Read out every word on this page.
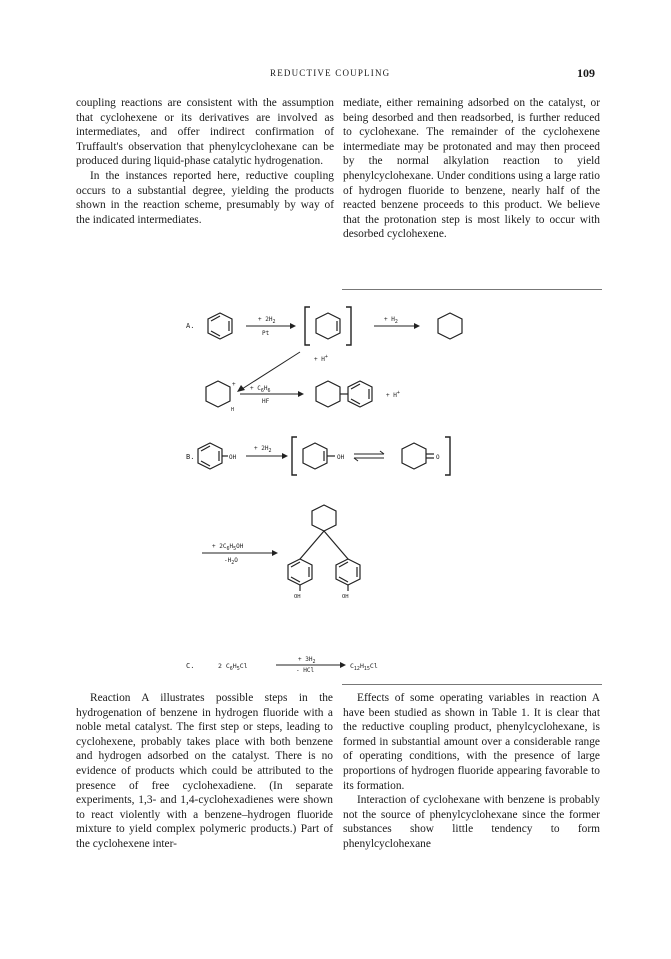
REDUCTIVE COUPLING	109

coupling reactions are consistent with the assumption that cyclohexene or its derivatives are involved as intermediates, and offer indirect confirmation of Truffault's observation that phenylcyclohexane can be produced during liquid-phase catalytic hydrogenation.

In the instances reported here, reductive coupling occurs to a substantial degree, yielding the products shown in the reaction scheme, presumably by way of the indicated intermediates.

mediate, either remaining adsorbed on the catalyst, or being desorbed and then readsorbed, is further reduced to cyclohexane. The remainder of the cyclohexene intermediate may be protonated and may then proceed by the normal alkylation reaction to yield phenylcyclohexane. Under conditions using a large ratio of hydrogen fluoride to benzene, nearly half of the reacted benzene proceeds to this product. We believe that the protonation step is most likely to occur with desorbed cyclohexene.

A.
+ $2H_2$
Pt
+ $H_2$
+ H+
+
H
+ $C_6H_6$
HF
+ H+
B.	OH
+ $2H_2$
OH	O
+ $2C_6H_5OH$
$-H_2O$
OH	OH
C.	2 $C_6H_5Cl$
+ $3H_2$
- HCl
$C_{12}H_{15}Cl$

Reaction A illustrates possible steps in the hydrogenation of benzene in hydrogen fluoride with a noble metal catalyst. The first step or steps, leading to cyclohexene, probably takes place with both benzene and hydrogen adsorbed on the catalyst. There is no evidence of products which could be attributed to the presence of free cyclohexadiene. (In separate experiments, 1,3- and 1,4-cyclohexadienes were shown to react violently with a benzene–hydrogen fluoride mixture to yield complex polymeric products.) Part of the cyclohexene inter-

Effects of some operating variables in reaction A have been studied as shown in Table 1. It is clear that the reductive coupling product, phenylcyclohexane, is formed in substantial amount over a considerable range of operating conditions, with the presence of large proportions of hydrogen fluoride appearing favorable to its formation.

Interaction of cyclohexane with benzene is probably not the source of phenylcyclohexane since the former substances show little tendency to form phenylcyclohexane
